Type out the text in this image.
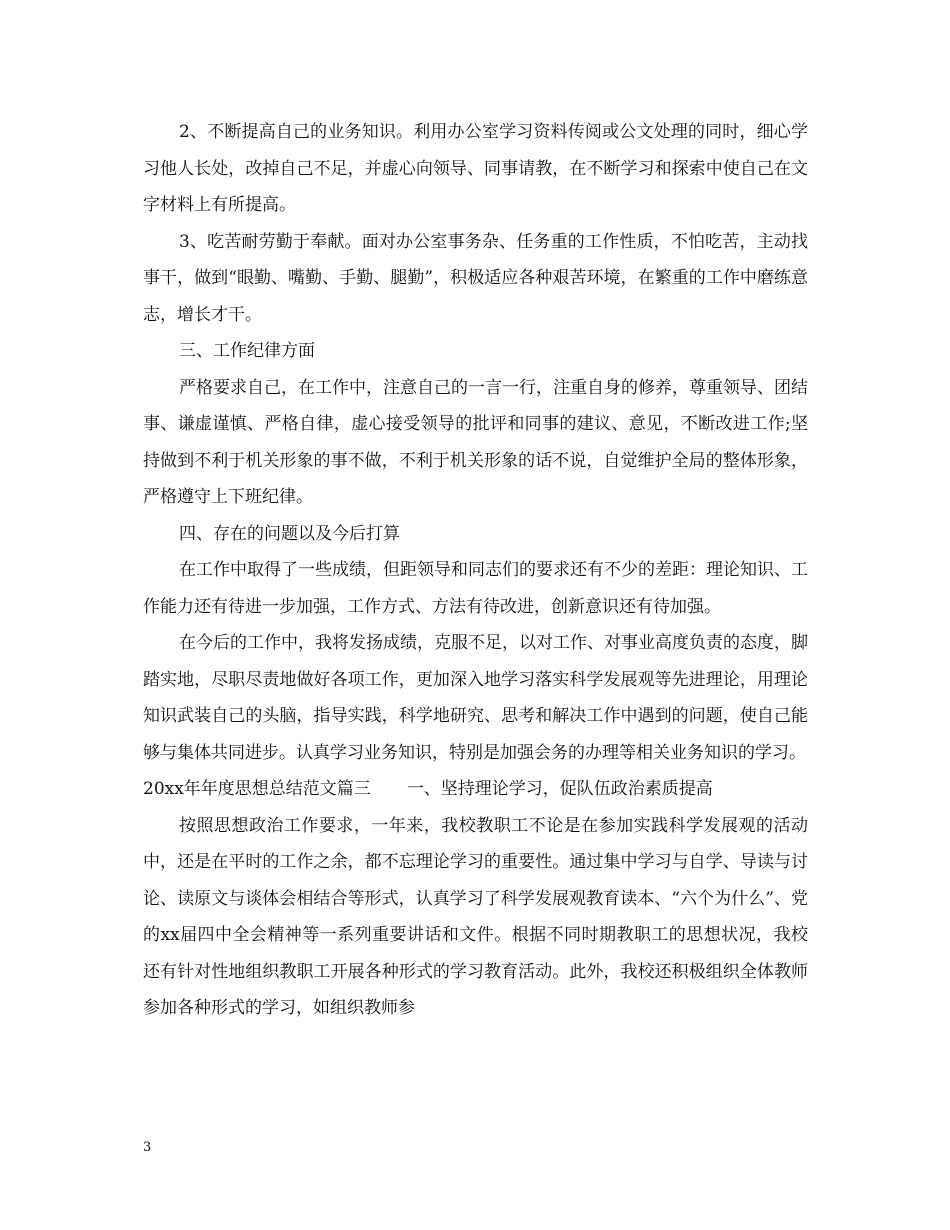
2、不断提高自己的业务知识。利用办公室学习资料传阅或公文处理的同时，细心学习他人长处，改掉自己不足，并虚心向领导、同事请教，在不断学习和探索中使自己在文字材料上有所提高。

3、吃苦耐劳勤于奉献。面对办公室事务杂、任务重的工作性质，不怕吃苦，主动找事干，做到“眼勤、嘴勤、手勤、腿勤”，积极适应各种艰苦环境，在繁重的工作中磨练意志，增长才干。

三、工作纪律方面

严格要求自己，在工作中，注意自己的一言一行，注重自身的修养，尊重领导、团结事、谦虚谨慎、严格自律，虚心接受领导的批评和同事的建议、意见，不断改进工作;坚持做到不利于机关形象的事不做，不利于机关形象的话不说，自觉维护全局的整体形象，严格遵守上下班纪律。

四、存在的问题以及今后打算

在工作中取得了一些成绩，但距领导和同志们的要求还有不少的差距：理论知识、工作能力还有待进一步加强，工作方式、方法有待改进，创新意识还有待加强。

在今后的工作中，我将发扬成绩，克服不足，以对工作、对事业高度负责的态度，脚踏实地，尽职尽责地做好各项工作，更加深入地学习落实科学发展观等先进理论，用理论知识武装自己的头脑，指导实践，科学地研究、思考和解决工作中遇到的问题，使自己能够与集体共同进步。认真学习业务知识，特别是加强会务的办理等相关业务知识的学习。

20xx年年度思想总结范文篇三 一、坚持理论学习，促队伍政治素质提高

按照思想政治工作要求，一年来，我校教职工不论是在参加实践科学发展观的活动中，还是在平时的工作之余，都不忘理论学习的重要性。通过集中学习与自学、导读与讨论、读原文与谈体会相结合等形式，认真学习了科学发展观教育读本、“六个为什么”、党的xx届四中全会精神等一系列重要讲话和文件。根据不同时期教职工的思想状况，我校还有针对性地组织教职工开展各种形式的学习教育活动。此外，我校还积极组织全体教师参加各种形式的学习，如组织教师参

3
